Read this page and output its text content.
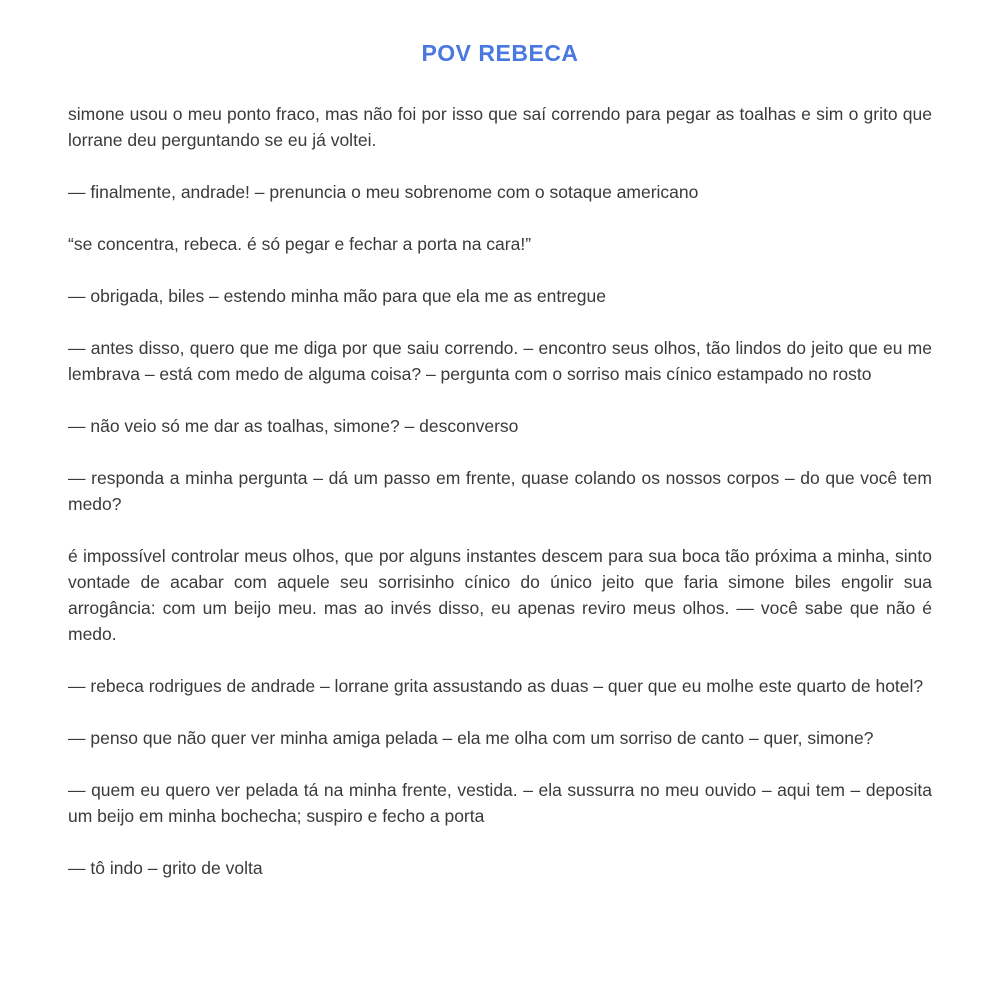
POV REBECA

simone usou o meu ponto fraco, mas não foi por isso que saí correndo para pegar as toalhas e sim o grito que lorrane deu perguntando se eu já voltei.

— finalmente, andrade! – prenuncia o meu sobrenome com o sotaque americano

“se concentra, rebeca. é só pegar e fechar a porta na cara!”

— obrigada, biles – estendo minha mão para que ela me as entregue

— antes disso, quero que me diga por que saiu correndo. – encontro seus olhos, tão lindos do jeito que eu me lembrava – está com medo de alguma coisa? – pergunta com o sorriso mais cínico estampado no rosto

— não veio só me dar as toalhas, simone? – desconverso

— responda a minha pergunta – dá um passo em frente, quase colando os nossos corpos – do que você tem medo?

é impossível controlar meus olhos, que por alguns instantes descem para sua boca tão próxima a minha, sinto vontade de acabar com aquele seu sorrisinho cínico do único jeito que faria simone biles engolir sua arrogância: com um beijo meu. mas ao invés disso, eu apenas reviro meus olhos. — você sabe que não é medo.

— rebeca rodrigues de andrade – lorrane grita assustando as duas – quer que eu molhe este quarto de hotel?

— penso que não quer ver minha amiga pelada – ela me olha com um sorriso de canto – quer, simone?

— quem eu quero ver pelada tá na minha frente, vestida. – ela sussurra no meu ouvido – aqui tem – deposita um beijo em minha bochecha; suspiro e fecho a porta

— tô indo – grito de volta
